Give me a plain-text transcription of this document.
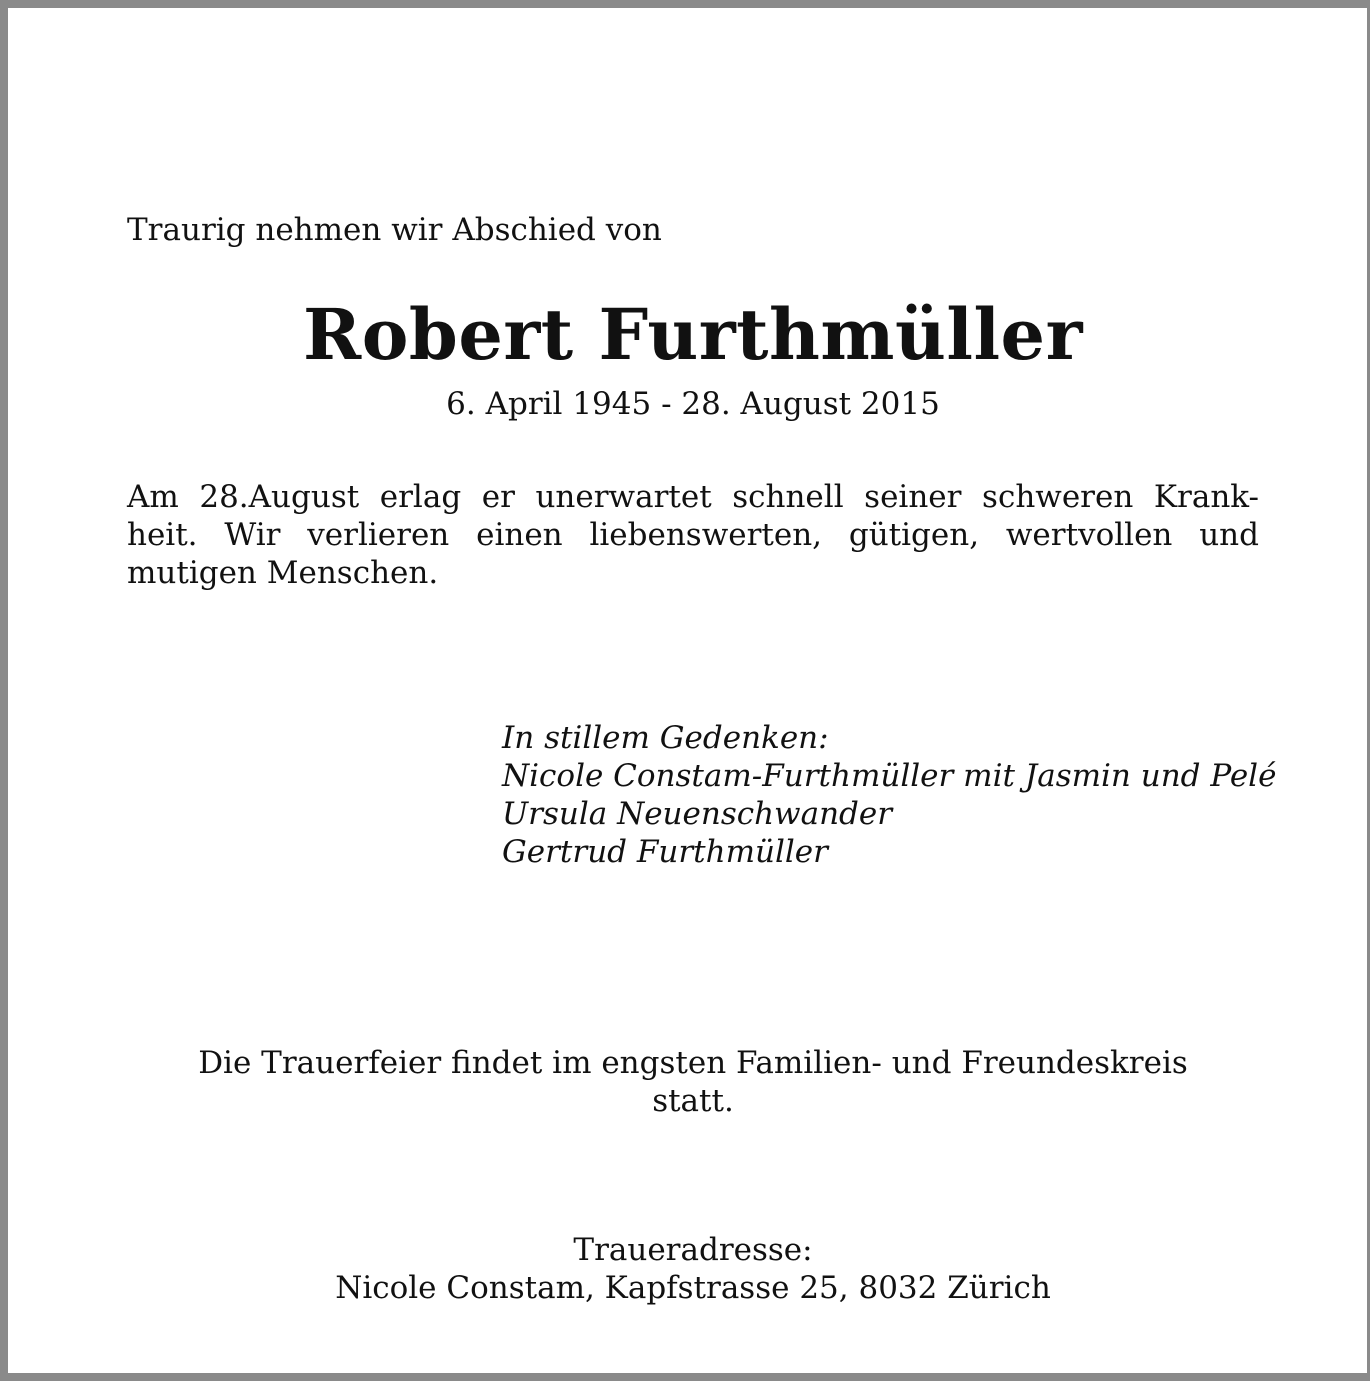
Traurig nehmen wir Abschied von

Robert Furthmüller

6. April 1945 - 28. August 2015

Am 28.August erlag er unerwartet schnell seiner schweren Krank-
heit. Wir verlieren einen liebenswerten, gütigen, wertvollen und
mutigen Menschen.
In stillem Gedenken:
Nicole Constam-Furthmüller mit Jasmin und Pelé
Ursula Neuenschwander
Gertrud Furthmüller
Die Trauerfeier findet im engsten Familien- und Freundeskreis
statt.
Traueradresse:
Nicole Constam, Kapfstrasse 25, 8032 Zürich
